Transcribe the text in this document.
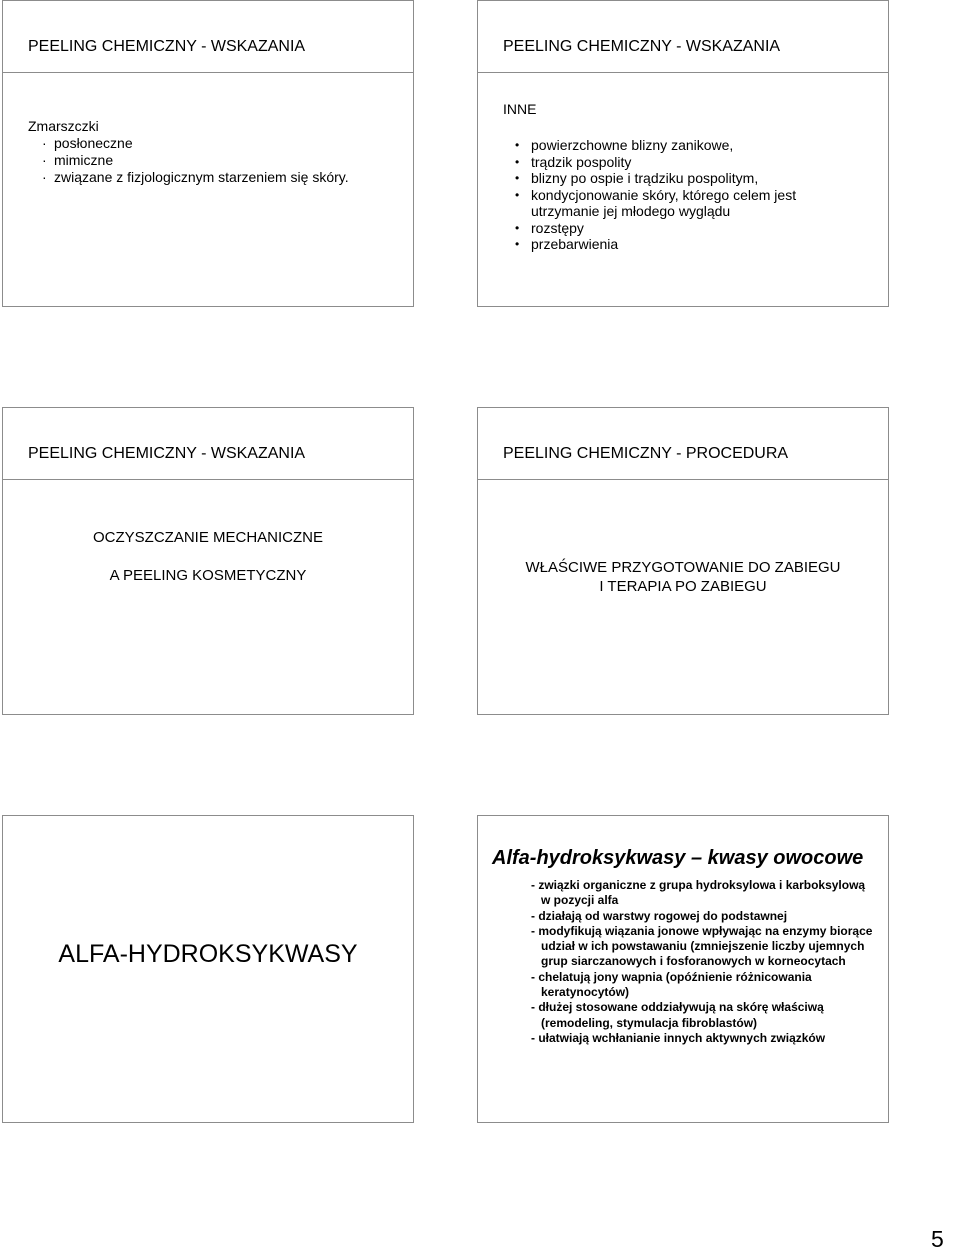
PEELING CHEMICZNY - WSKAZANIA
Zmarszczki
· posłoneczne
· mimiczne
· związane z fizjologicznym starzeniem się skóry.
PEELING CHEMICZNY - WSKAZANIA
INNE
• powierzchowne blizny zanikowe,
• trądzik pospolity
• blizny po ospie i trądziku pospolitym,
• kondycjonowanie skóry, którego celem jest utrzymanie jej młodego wyglądu
• rozstępy
• przebarwienia
PEELING CHEMICZNY - WSKAZANIA
OCZYSZCZANIE MECHANICZNE
A PEELING KOSMETYCZNY
PEELING CHEMICZNY - PROCEDURA
WŁAŚCIWE PRZYGOTOWANIE DO ZABIEGU
I TERAPIA PO ZABIEGU
ALFA-HYDROKSYKWASY
Alfa-hydroksykwasy – kwasy owocowe
- związki organiczne z grupa hydroksylowa i karboksylową w pozycji alfa
- działają od warstwy rogowej do podstawnej
- modyfikują wiązania jonowe wpływając na enzymy biorące udział w ich powstawaniu (zmniejszenie liczby ujemnych grup siarczanowych i fosforanowych w korneocytach
- chelatują jony wapnia (opóźnienie różnicowania keratynocytów)
- dłużej stosowane oddziaływują na skórę właściwą (remodeling, stymulacja fibroblastów)
- ułatwiają wchłanianie innych aktywnych związków
5
